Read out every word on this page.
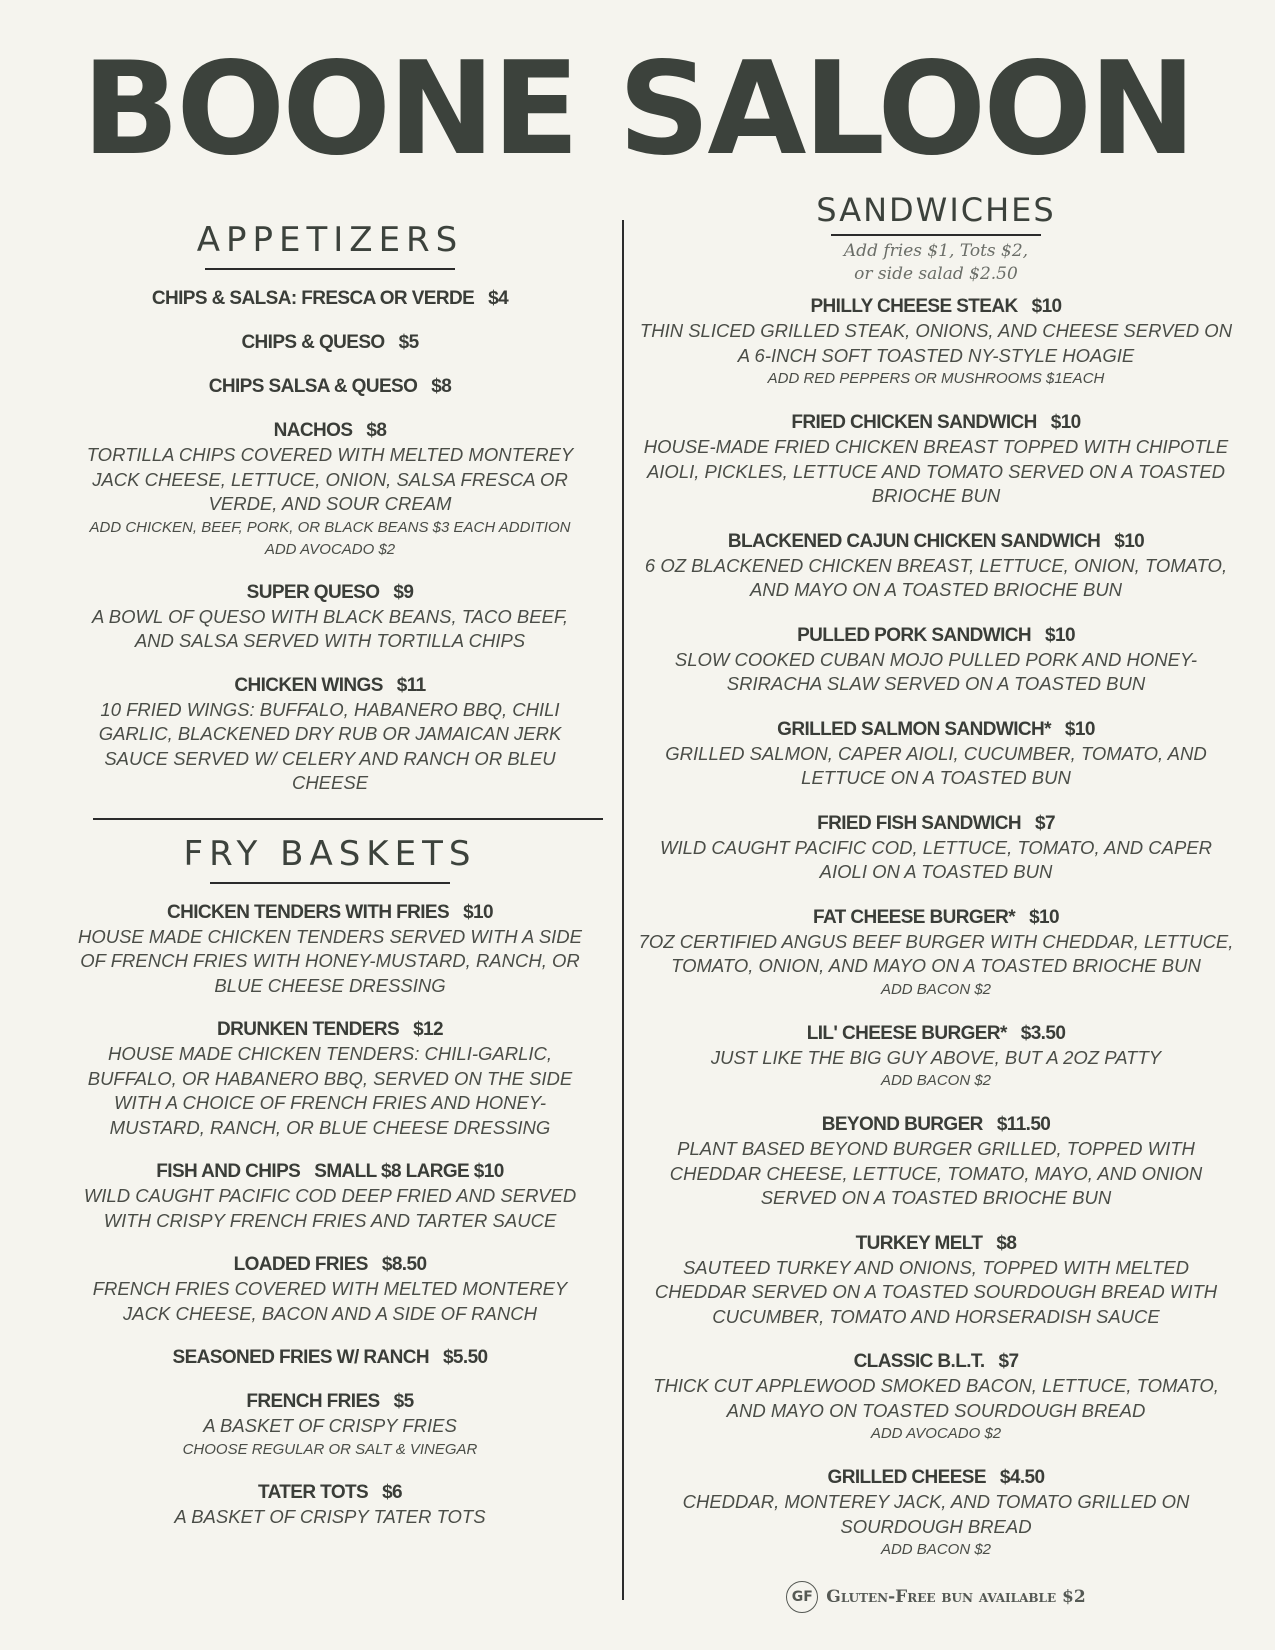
BOONE SALOON
APPETIZERS
CHIPS & SALSA: FRESCA OR VERDE $4
CHIPS & QUESO $5
CHIPS SALSA & QUESO $8
NACHOS $8
TORTILLA CHIPS COVERED WITH MELTED MONTEREY JACK CHEESE, LETTUCE, ONION, SALSA FRESCA OR VERDE, AND SOUR CREAM
ADD CHICKEN, BEEF, PORK, OR BLACK BEANS $3 EACH ADDITION ADD AVOCADO $2
SUPER QUESO $9
A BOWL OF QUESO WITH BLACK BEANS, TACO BEEF, AND SALSA SERVED WITH TORTILLA CHIPS
CHICKEN WINGS $11
10 FRIED WINGS: BUFFALO, HABANERO BBQ, CHILI GARLIC, BLACKENED DRY RUB OR JAMAICAN JERK SAUCE SERVED W/ CELERY AND RANCH OR BLEU CHEESE
FRY BASKETS
CHICKEN TENDERS WITH FRIES $10
HOUSE MADE CHICKEN TENDERS SERVED WITH A SIDE OF FRENCH FRIES WITH HONEY-MUSTARD, RANCH, OR BLUE CHEESE DRESSING
DRUNKEN TENDERS $12
HOUSE MADE CHICKEN TENDERS: CHILI-GARLIC, BUFFALO, OR HABANERO BBQ, SERVED ON THE SIDE WITH A CHOICE OF FRENCH FRIES AND HONEY-MUSTARD, RANCH, OR BLUE CHEESE DRESSING
FISH AND CHIPS SMALL $8 LARGE $10
WILD CAUGHT PACIFIC COD DEEP FRIED AND SERVED WITH CRISPY FRENCH FRIES AND TARTER SAUCE
LOADED FRIES $8.50
FRENCH FRIES COVERED WITH MELTED MONTEREY JACK CHEESE, BACON AND A SIDE OF RANCH
SEASONED FRIES W/ RANCH $5.50
FRENCH FRIES $5
A BASKET OF CRISPY FRIES
CHOOSE REGULAR OR SALT & VINEGAR
TATER TOTS $6
A BASKET OF CRISPY TATER TOTS
SANDWICHES
Add fries $1, Tots $2,
or side salad $2.50
PHILLY CHEESE STEAK $10
THIN SLICED GRILLED STEAK, ONIONS, AND CHEESE SERVED ON A 6-INCH SOFT TOASTED NY-STYLE HOAGIE
ADD RED PEPPERS OR MUSHROOMS $1EACH
FRIED CHICKEN SANDWICH $10
HOUSE-MADE FRIED CHICKEN BREAST TOPPED WITH CHIPOTLE AIOLI, PICKLES, LETTUCE AND TOMATO SERVED ON A TOASTED BRIOCHE BUN
BLACKENED CAJUN CHICKEN SANDWICH $10
6 OZ BLACKENED CHICKEN BREAST, LETTUCE, ONION, TOMATO, AND MAYO ON A TOASTED BRIOCHE BUN
PULLED PORK SANDWICH $10
SLOW COOKED CUBAN MOJO PULLED PORK AND HONEY-SRIRACHA SLAW SERVED ON A TOASTED BUN
GRILLED SALMON SANDWICH* $10
GRILLED SALMON, CAPER AIOLI, CUCUMBER, TOMATO, AND LETTUCE ON A TOASTED BUN
FRIED FISH SANDWICH $7
WILD CAUGHT PACIFIC COD, LETTUCE, TOMATO, AND CAPER AIOLI ON A TOASTED BUN
FAT CHEESE BURGER* $10
7OZ CERTIFIED ANGUS BEEF BURGER WITH CHEDDAR, LETTUCE, TOMATO, ONION, AND MAYO ON A TOASTED BRIOCHE BUN
ADD BACON $2
LIL' CHEESE BURGER* $3.50
JUST LIKE THE BIG GUY ABOVE, BUT A 2OZ PATTY
ADD BACON $2
BEYOND BURGER $11.50
PLANT BASED BEYOND BURGER GRILLED, TOPPED WITH CHEDDAR CHEESE, LETTUCE, TOMATO, MAYO, AND ONION SERVED ON A TOASTED BRIOCHE BUN
TURKEY MELT $8
SAUTEED TURKEY AND ONIONS, TOPPED WITH MELTED CHEDDAR SERVED ON A TOASTED SOURDOUGH BREAD WITH CUCUMBER, TOMATO AND HORSERADISH SAUCE
CLASSIC B.L.T. $7
THICK CUT APPLEWOOD SMOKED BACON, LETTUCE, TOMATO, AND MAYO ON TOASTED SOURDOUGH BREAD
ADD AVOCADO $2
GRILLED CHEESE $4.50
CHEDDAR, MONTEREY JACK, AND TOMATO GRILLED ON SOURDOUGH BREAD
ADD BACON $2
GF Gluten-Free bun available $2
